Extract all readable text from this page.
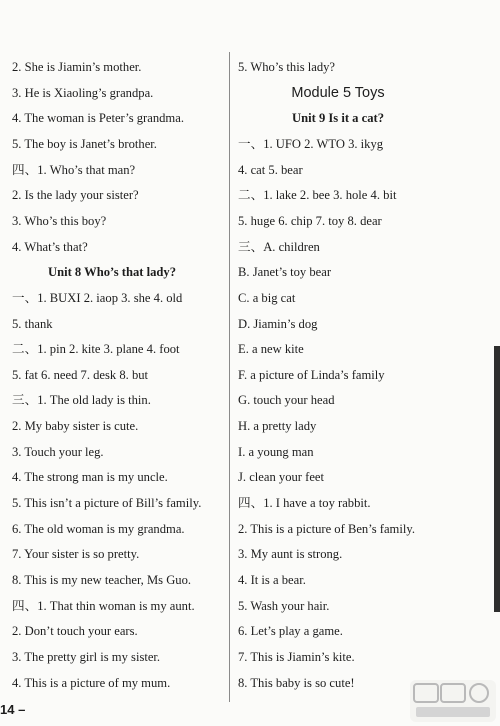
2. She is Jiamin’s mother.
3. He is Xiaoling’s grandpa.
4. The woman is Peter’s grandma.
5. The boy is Janet’s brother.
四、1. Who’s that man?
2. Is the lady your sister?
3. Who’s this boy?
4. What’s that?
Unit 8 Who’s that lady?
一、1. BUXI 2. iaop 3. she 4. old
5. thank
二、1. pin 2. kite 3. plane 4. foot
5. fat 6. need 7. desk 8. but
三、1. The old lady is thin.
2. My baby sister is cute.
3. Touch your leg.
4. The strong man is my uncle.
5. This isn’t a picture of Bill’s family.
6. The old woman is my grandma.
7. Your sister is so pretty.
8. This is my new teacher, Ms Guo.
四、1. That thin woman is my aunt.
2. Don’t touch your ears.
3. The pretty girl is my sister.
4. This is a picture of my mum.
5. Who’s this lady?
Module 5 Toys
Unit 9 Is it a cat?
一、1. UFO 2. WTO 3. ikyg
4. cat 5. bear
二、1. lake 2. bee 3. hole 4. bit
5. huge 6. chip 7. toy 8. dear
三、A. children
B. Janet’s toy bear
C. a big cat
D. Jiamin’s dog
E. a new kite
F. a picture of Linda’s family
G. touch your head
H. a pretty lady
I. a young man
J. clean your feet
四、1. I have a toy rabbit.
2. This is a picture of Ben’s family.
3. My aunt is strong.
4. It is a bear.
5. Wash your hair.
6. Let’s play a game.
7. This is Jiamin’s kite.
8. This baby is so cute!
14 –
